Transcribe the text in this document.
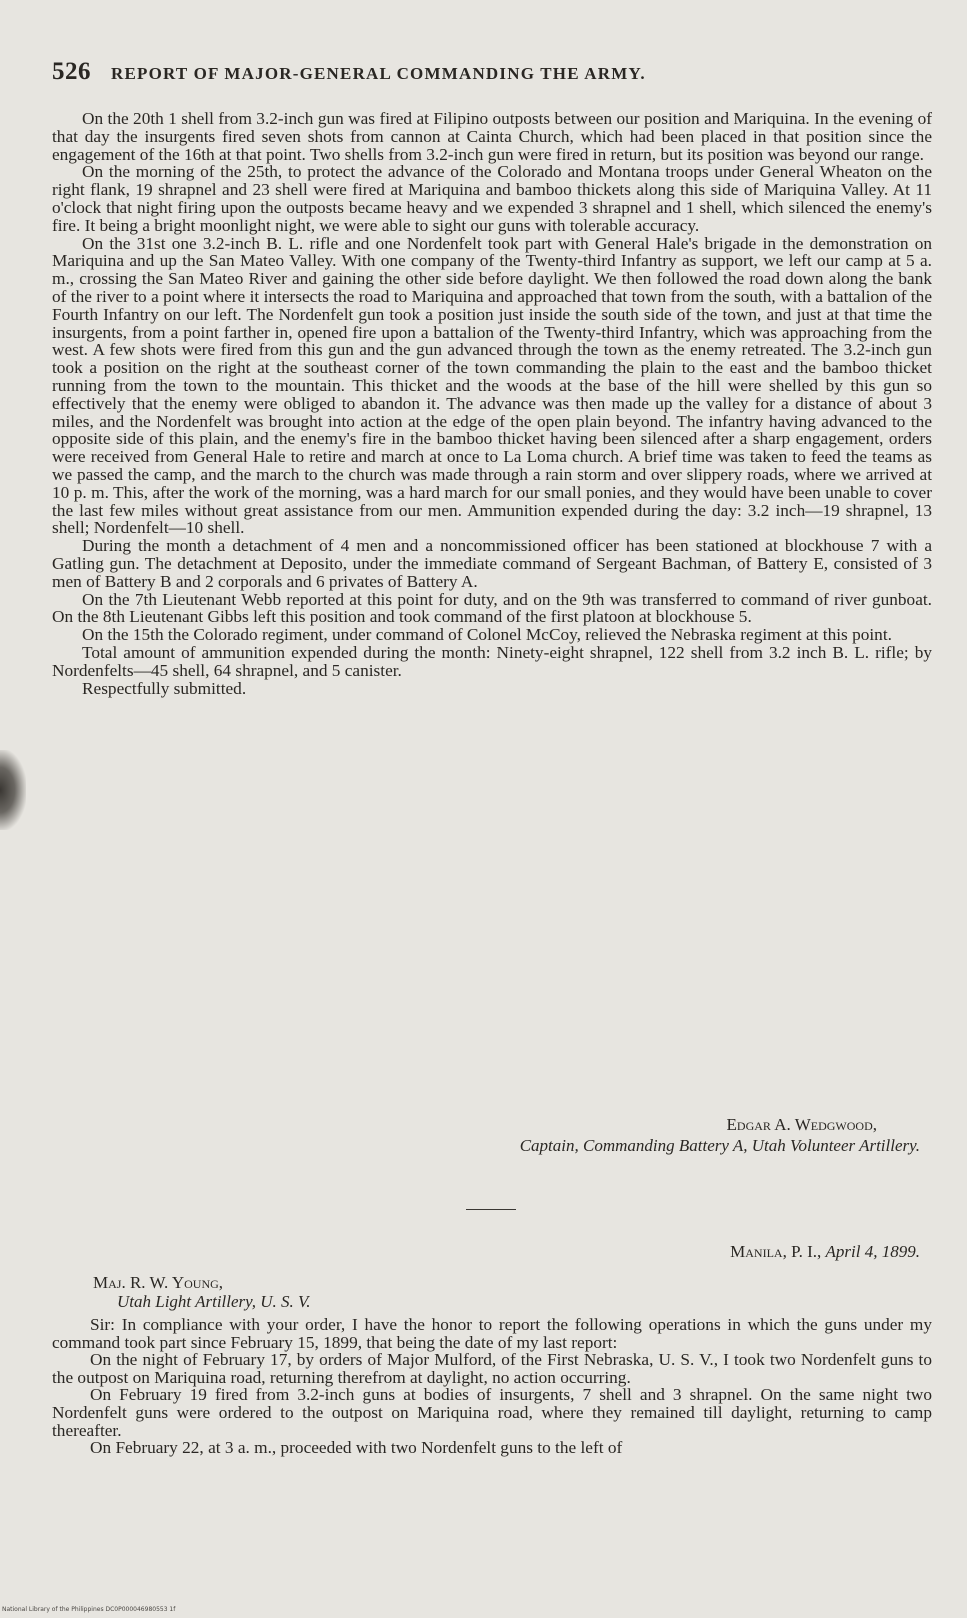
526 REPORT OF MAJOR-GENERAL COMMANDING THE ARMY.

On the 20th 1 shell from 3.2-inch gun was fired at Filipino outposts between our position and Mariquina. In the evening of that day the insurgents fired seven shots from cannon at Cainta Church, which had been placed in that position since the engagement of the 16th at that point. Two shells from 3.2-inch gun were fired in return, but its position was beyond our range.

On the morning of the 25th, to protect the advance of the Colorado and Montana troops under General Wheaton on the right flank, 19 shrapnel and 23 shell were fired at Mariquina and bamboo thickets along this side of Mariquina Valley. At 11 o'clock that night firing upon the outposts became heavy and we expended 3 shrapnel and 1 shell, which silenced the enemy's fire. It being a bright moonlight night, we were able to sight our guns with tolerable accuracy.

On the 31st one 3.2-inch B. L. rifle and one Nordenfelt took part with General Hale's brigade in the demonstration on Mariquina and up the San Mateo Valley. With one company of the Twenty-third Infantry as support, we left our camp at 5 a. m., crossing the San Mateo River and gaining the other side before daylight. We then followed the road down along the bank of the river to a point where it intersects the road to Mariquina and approached that town from the south, with a battalion of the Fourth Infantry on our left. The Nordenfelt gun took a position just inside the south side of the town, and just at that time the insurgents, from a point farther in, opened fire upon a battalion of the Twenty-third Infantry, which was approaching from the west. A few shots were fired from this gun and the gun advanced through the town as the enemy retreated. The 3.2-inch gun took a position on the right at the southeast corner of the town commanding the plain to the east and the bamboo thicket running from the town to the mountain. This thicket and the woods at the base of the hill were shelled by this gun so effectively that the enemy were obliged to abandon it. The advance was then made up the valley for a distance of about 3 miles, and the Nordenfelt was brought into action at the edge of the open plain beyond. The infantry having advanced to the opposite side of this plain, and the enemy's fire in the bamboo thicket having been silenced after a sharp engagement, orders were received from General Hale to retire and march at once to La Loma church. A brief time was taken to feed the teams as we passed the camp, and the march to the church was made through a rain storm and over slippery roads, where we arrived at 10 p. m. This, after the work of the morning, was a hard march for our small ponies, and they would have been unable to cover the last few miles without great assistance from our men. Ammunition expended during the day: 3.2 inch—19 shrapnel, 13 shell; Nordenfelt—10 shell.

During the month a detachment of 4 men and a noncommissioned officer has been stationed at blockhouse 7 with a Gatling gun. The detachment at Deposito, under the immediate command of Sergeant Bachman, of Battery E, consisted of 3 men of Battery B and 2 corporals and 6 privates of Battery A.

On the 7th Lieutenant Webb reported at this point for duty, and on the 9th was transferred to command of river gunboat. On the 8th Lieutenant Gibbs left this position and took command of the first platoon at blockhouse 5.

On the 15th the Colorado regiment, under command of Colonel McCoy, relieved the Nebraska regiment at this point.

Total amount of ammunition expended during the month: Ninety-eight shrapnel, 122 shell from 3.2 inch B. L. rifle; by Nordenfelts—45 shell, 64 shrapnel, and 5 canister.

Respectfully submitted.

Edgar A. Wedgwood,
Captain, Commanding Battery A, Utah Volunteer Artillery.
Manila, P. I., April 4, 1899.
Maj. R. W. Young,
Utah Light Artillery, U. S. V.

Sir: In compliance with your order, I have the honor to report the following operations in which the guns under my command took part since February 15, 1899, that being the date of my last report:

On the night of February 17, by orders of Major Mulford, of the First Nebraska, U. S. V., I took two Nordenfelt guns to the outpost on Mariquina road, returning therefrom at daylight, no action occurring.

On February 19 fired from 3.2-inch guns at bodies of insurgents, 7 shell and 3 shrapnel. On the same night two Nordenfelt guns were ordered to the outpost on Mariquina road, where they remained till daylight, returning to camp thereafter.

On February 22, at 3 a. m., proceeded with two Nordenfelt guns to the left of

National Library of the Philippines DC0P000046980553 1f
